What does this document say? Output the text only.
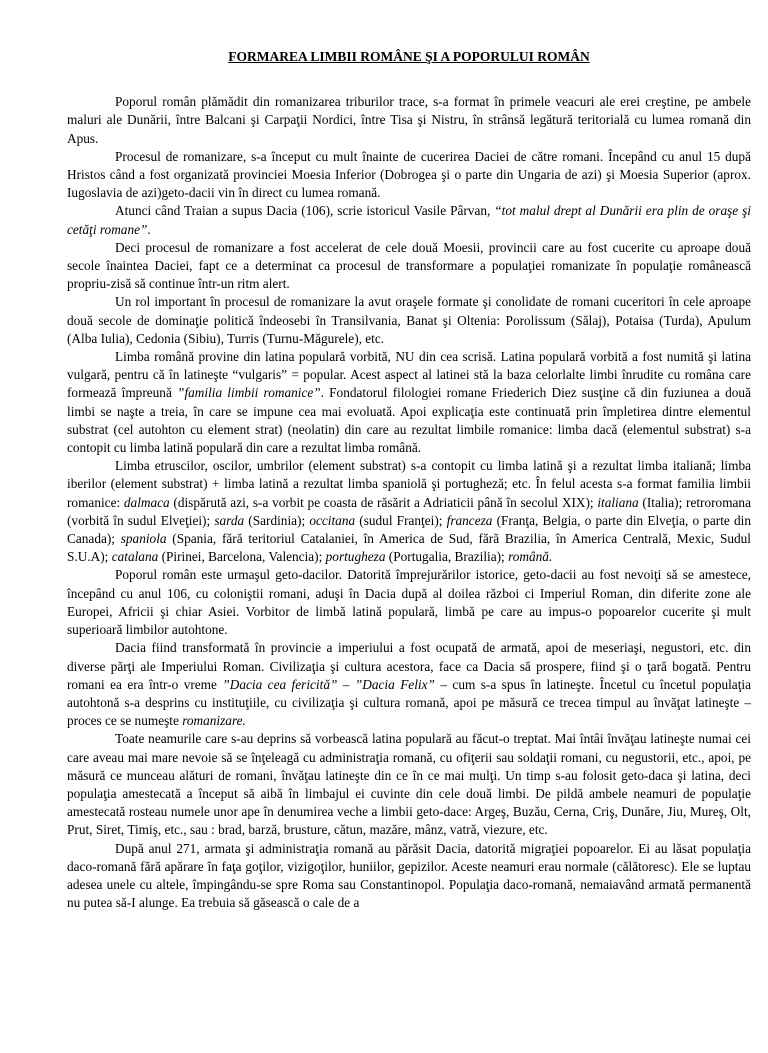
FORMAREA LIMBII ROMÂNE ŞI A POPORULUI ROMÂN

Poporul român plămădit din romanizarea triburilor trace, s-a format în primele veacuri ale erei creştine, pe ambele maluri ale Dunării, între Balcani şi Carpaţii Nordici, între Tisa şi Nistru, în strânsă legătură teritorială cu lumea romană din Apus.

Procesul de romanizare, s-a început cu mult înainte de cucerirea Daciei de către romani. Începând cu anul 15 după Hristos când a fost organizată provinciei Moesia Inferior (Dobrogea şi o parte din Ungaria de azi) şi Moesia Superior (aprox. Iugoslavia de azi)geto-dacii vin în direct cu lumea romană.

Atunci când Traian a supus Dacia (106), scrie istoricul Vasile Pârvan, “tot malul drept al Dunării era plin de oraşe şi cetăţi romane”.

Deci procesul de romanizare a fost accelerat de cele două Moesii, provincii care au fost cucerite cu aproape două secole înaintea Daciei, fapt ce a determinat ca procesul de transformare a populaţiei romanizate în populaţie românească propriu-zisă să continue într-un ritm alert.

Un rol important în procesul de romanizare la avut oraşele formate şi conolidate de romani cuceritori în cele aproape două secole de dominaţie politică îndeosebi în Transilvania, Banat şi Oltenia: Porolissum (Sălaj), Potaisa (Turda), Apulum (Alba Iulia), Cedonia (Sibiu), Turris (Turnu-Măgurele), etc.

Limba română provine din latina populară vorbită, NU din cea scrisă. Latina populară vorbită a fost numită şi latina vulgară, pentru că în latineşte “vulgaris” = popular. Acest aspect al latinei stă la baza celorlalte limbi înrudite cu româna care formează împreună ”familia limbii romanice”. Fondatorul filologiei romane Friederich Diez susţine că din fuziunea a două limbi se naşte a treia, în care se impune cea mai evoluată. Apoi explicaţia este continuată prin împletirea dintre elementul substrat (cel autohton cu element strat) (neolatin) din care au rezultat limbile romanice: limba dacă (elementul substrat) s-a contopit cu limba latină populară din care a rezultat limba română.

Limba etruscilor, oscilor, umbrilor (element substrat) s-a contopit cu limba latină şi a rezultat limba italiană; limba iberilor (element substrat) + limba latină a rezultat limba spaniolă şi portugheză; etc. În felul acesta s-a format familia limbii romanice: dalmaca (dispărută azi, s-a vorbit pe coasta de răsărit a Adriaticii până în secolul XIX); italiana (Italia); retroromana (vorbită în sudul Elveţiei); sarda (Sardinia); occitana (sudul Franţei); franceza (Franţa, Belgia, o parte din Elveţia, o parte din Canada); spaniola (Spania, fără teritoriul Catalaniei, în America de Sud, fără Brazilia, în America Centrală, Mexic, Sudul S.U.A); catalana (Pirinei, Barcelona, Valencia); portugheza (Portugalia, Brazilia); română.

Poporul român este urmaşul geto-dacilor. Datorită împrejurărilor istorice, geto-dacii au fost nevoiţi să se amestece, începând cu anul 106, cu coloniştii romani, aduşi în Dacia după al doilea război ci Imperiul Roman, din diferite zone ale Europei, Africii şi chiar Asiei. Vorbitor de limbă latină populară, limbă pe care au impus-o popoarelor cucerite şi mult superioară limbilor autohtone.

Dacia fiind transformată în provincie a imperiului a fost ocupată de armată, apoi de meseriaşi, negustori, etc. din diverse părţi ale Imperiului Roman. Civilizaţia şi cultura acestora, face ca Dacia să prospere, fiind şi o ţară bogată. Pentru romani ea era într-o vreme ”Dacia cea fericită” – ”Dacia Felix” – cum s-a spus în latineşte. Încetul cu încetul populaţia autohtonă s-a desprins cu instituţiile, cu civilizaţia şi cultura romană, apoi pe măsură ce trecea timpul au învăţat latineşte – proces ce se numeşte romanizare.

Toate neamurile care s-au deprins să vorbească latina populară au făcut-o treptat. Mai întâi învăţau latineşte numai cei care aveau mai mare nevoie să se înţeleagă cu administraţia romană, cu ofiţerii sau soldaţii romani, cu negustorii, etc., apoi, pe măsură ce munceau alături de romani, învăţau latineşte din ce în ce mai mulţi. Un timp s-au folosit geto-daca şi latina, deci populaţia amestecată a început să aibă în limbajul ei cuvinte din cele două limbi. De pildă ambele neamuri de populaţie amestecată rosteau numele unor ape în denumirea veche a limbii geto-dace: Argeş, Buzău, Cerna, Criş, Dunăre, Jiu, Mureş, Olt, Prut, Siret, Timiş, etc., sau : brad, barză, brusture, cătun, mazăre, mânz, vatră, viezure, etc.

După anul 271, armata şi administraţia romană au părăsit Dacia, datorită migraţiei popoarelor. Ei au lăsat populaţia daco-romană fără apărare în faţa goţilor, vizigoţilor, huniilor, gepizilor. Aceste neamuri erau normale (călătoresc). Ele se luptau adesea unele cu altele, împingându-se spre Roma sau Constantinopol. Populaţia daco-romană, nemaiavând armată permanentă nu putea să-I alunge. Ea trebuia să găsească o cale de a
